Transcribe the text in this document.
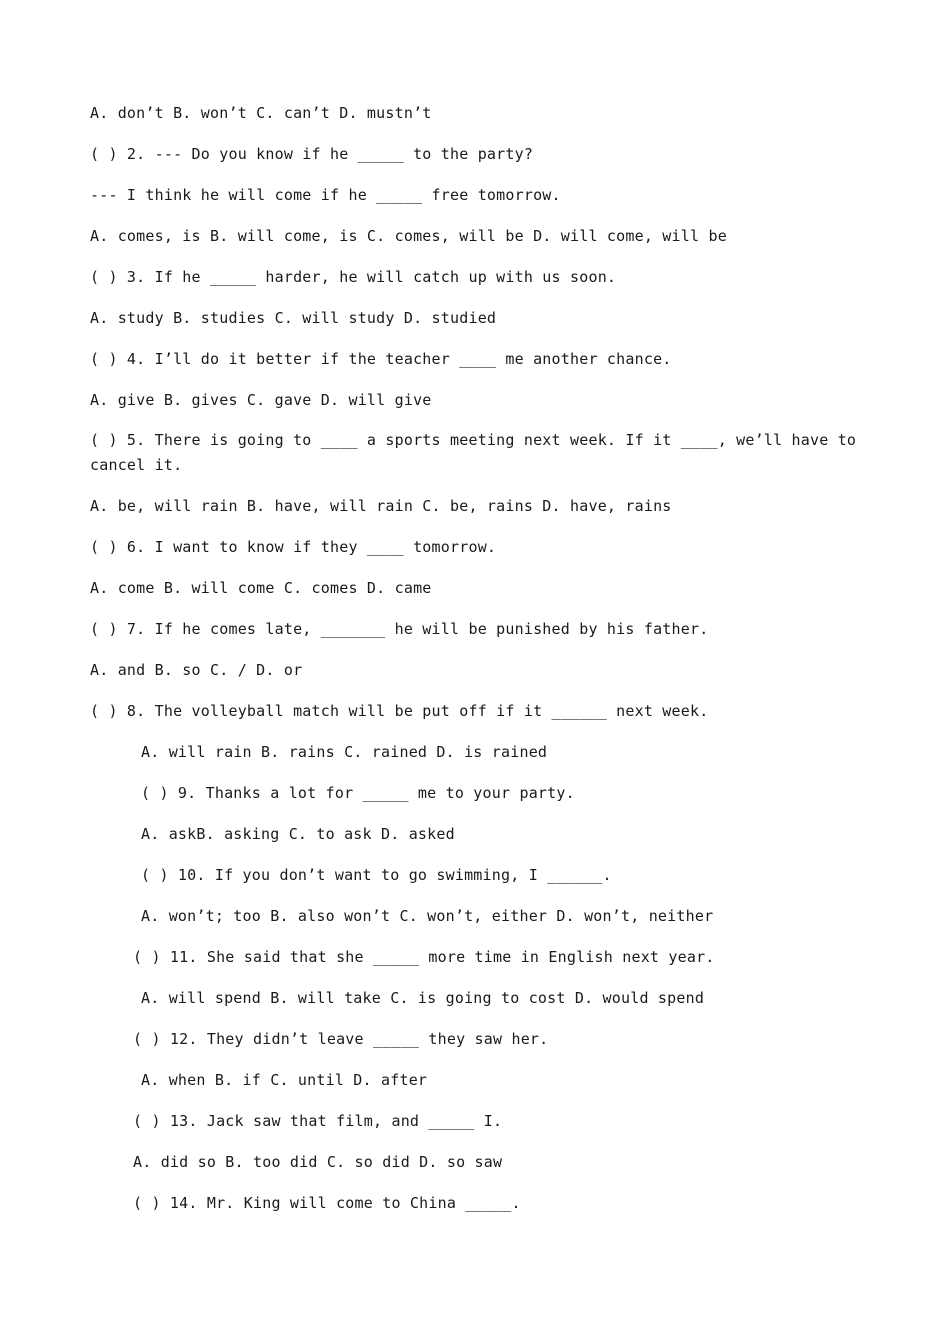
A. don’t B. won’t C. can’t D. mustn’t
( ) 2. --- Do you know if he _____ to the party?
--- I think he will come if he _____ free tomorrow.
A. comes, is B. will come, is C. comes, will be D. will come, will be
( ) 3. If he _____ harder, he will catch up with us soon.
A. study B. studies C. will study D. studied
( ) 4. I’ll do it better if the teacher ____ me another chance.
A. give B. gives C. gave D. will give
( ) 5. There is going to ____ a sports meeting next week. If it ____, we’ll have to cancel it.
A. be, will rain B. have, will rain C. be, rains D. have, rains
( ) 6. I want to know if they ____ tomorrow.
A. come B. will come C. comes D. came
( ) 7. If he comes late, _______ he will be punished by his father.
A. and B. so C. / D. or
( ) 8. The volleyball match will be put off if it ______ next week.
A. will rain B. rains C. rained D. is rained
( ) 9. Thanks a lot for _____ me to your party.
A. askB. asking C. to ask D. asked
( ) 10. If you don’t want to go swimming, I ______.
A. won’t; too B. also won’t C. won’t, either D. won’t, neither
( ) 11. She said that she _____ more time in English next year.
A. will spend B. will take C. is going to cost D. would spend
( ) 12. They didn’t leave _____ they saw her.
A. when B. if C. until D. after
( ) 13. Jack saw that film, and _____ I.
A. did so B. too did C. so did D. so saw
( ) 14. Mr. King will come to China _____.
